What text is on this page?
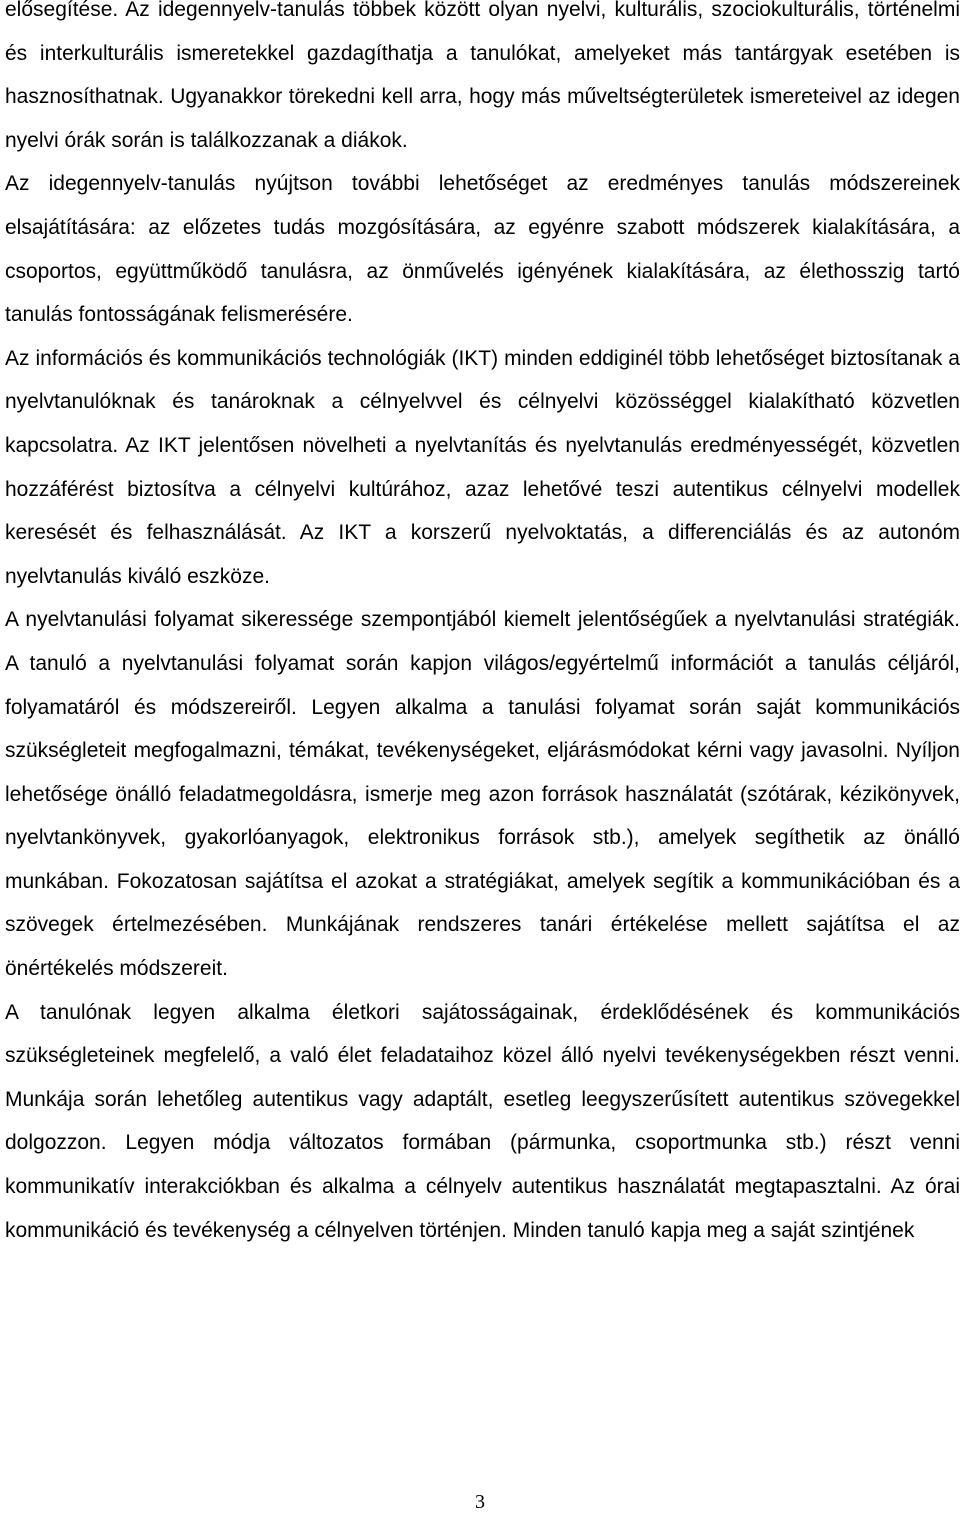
elősegítése. Az idegennyelv-tanulás többek között olyan nyelvi, kulturális, szociokulturális, történelmi és interkulturális ismeretekkel gazdagíthatja a tanulókat, amelyeket más tantárgyak esetében is hasznosíthatnak. Ugyanakkor törekedni kell arra, hogy más műveltségterületek ismereteivel az idegen nyelvi órák során is találkozzanak a diákok.

Az idegennyelv-tanulás nyújtson további lehetőséget az eredményes tanulás módszereinek elsajátítására: az előzetes tudás mozgósítására, az egyénre szabott módszerek kialakítására, a csoportos, együttműködő tanulásra, az önművelés igényének kialakítására, az élethosszig tartó tanulás fontosságának felismerésére.

Az információs és kommunikációs technológiák (IKT) minden eddiginél több lehetőséget biztosítanak a nyelvtanulóknak és tanároknak a célnyelvvel és célnyelvi közösséggel kialakítható közvetlen kapcsolatra. Az IKT jelentősen növelheti a nyelvtanítás és nyelvtanulás eredményességét, közvetlen hozzáférést biztosítva a célnyelvi kultúrához, azaz lehetővé teszi autentikus célnyelvi modellek keresését és felhasználását. Az IKT a korszerű nyelvoktatás, a differenciálás és az autonóm nyelvtanulás kiváló eszköze.

A nyelvtanulási folyamat sikeressége szempontjából kiemelt jelentőségűek a nyelvtanulási stratégiák. A tanuló a nyelvtanulási folyamat során kapjon világos/egyértelmű információt a tanulás céljáról, folyamatáról és módszereiről. Legyen alkalma a tanulási folyamat során saját kommunikációs szükségleteit megfogalmazni, témákat, tevékenységeket, eljárásmódokat kérni vagy javasolni. Nyíljon lehetősége önálló feladatmegoldásra, ismerje meg azon források használatát (szótárak, kézikönyvek, nyelvtankönyvek, gyakorlóanyagok, elektronikus források stb.), amelyek segíthetik az önálló munkában. Fokozatosan sajátítsa el azokat a stratégiákat, amelyek segítik a kommunikációban és a szövegek értelmezésében. Munkájának rendszeres tanári értékelése mellett sajátítsa el az önértékelés módszereit.

A tanulónak legyen alkalma életkori sajátosságainak, érdeklődésének és kommunikációs szükségleteinek megfelelő, a való élet feladataihoz közel álló nyelvi tevékenységekben részt venni. Munkája során lehetőleg autentikus vagy adaptált, esetleg leegyszerűsített autentikus szövegekkel dolgozzon. Legyen módja változatos formában (pármunka, csoportmunka stb.) részt venni kommunikatív interakciókban és alkalma a célnyelv autentikus használatát megtapasztalni. Az órai kommunikáció és tevékenység a célnyelven történjen. Minden tanuló kapja meg a saját szintjének

3
